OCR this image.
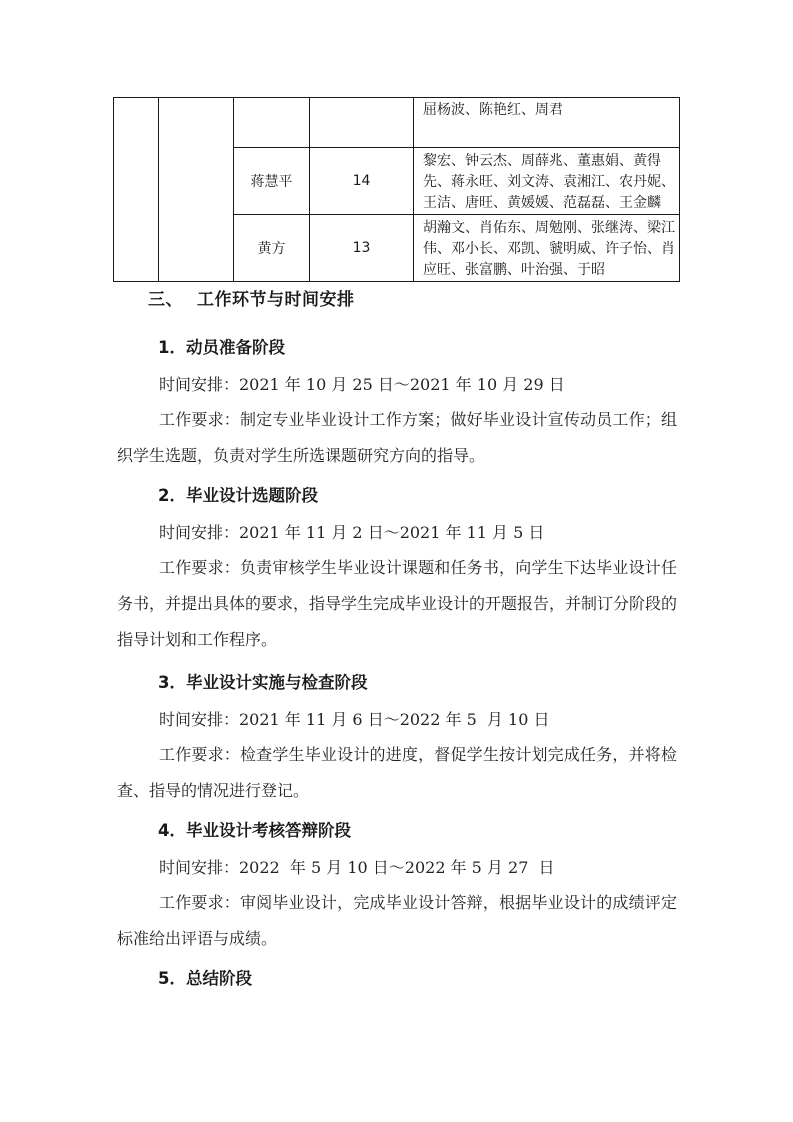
				屈杨波、陈艳红、周君

		蒋慧平	14	黎宏、钟云杰、周薛兆、董惠娟、黄得先、蒋永旺、刘文涛、袁湘江、农丹妮、王洁、唐旺、黄媛媛、范磊磊、王金麟

		黄方	13	胡瀚文、肖佑东、周勉刚、张继涛、梁江伟、邓小长、邓凯、虢明威、许子怡、肖应旺、张富鹏、叶治强、于昭
三、 工作环节与时间安排
1．动员准备阶段
时间安排：2021 年 10 月 25 日～2021 年 10 月 29 日
工作要求：制定专业毕业设计工作方案；做好毕业设计宣传动员工作；组织学生选题，负责对学生所选课题研究方向的指导。
2．毕业设计选题阶段
时间安排：2021 年 11 月 2 日～2021 年 11 月 5 日
工作要求：负责审核学生毕业设计课题和任务书，向学生下达毕业设计任务书，并提出具体的要求，指导学生完成毕业设计的开题报告，并制订分阶段的指导计划和工作程序。
3．毕业设计实施与检查阶段
时间安排：2021 年 11 月 6 日～2022 年 5  月 10 日
工作要求：检查学生毕业设计的进度，督促学生按计划完成任务，并将检查、指导的情况进行登记。
4．毕业设计考核答辩阶段
时间安排：2022  年 5 月 10 日～2022 年 5 月 27  日
工作要求：审阅毕业设计，完成毕业设计答辩，根据毕业设计的成绩评定标准给出评语与成绩。
5．总结阶段
